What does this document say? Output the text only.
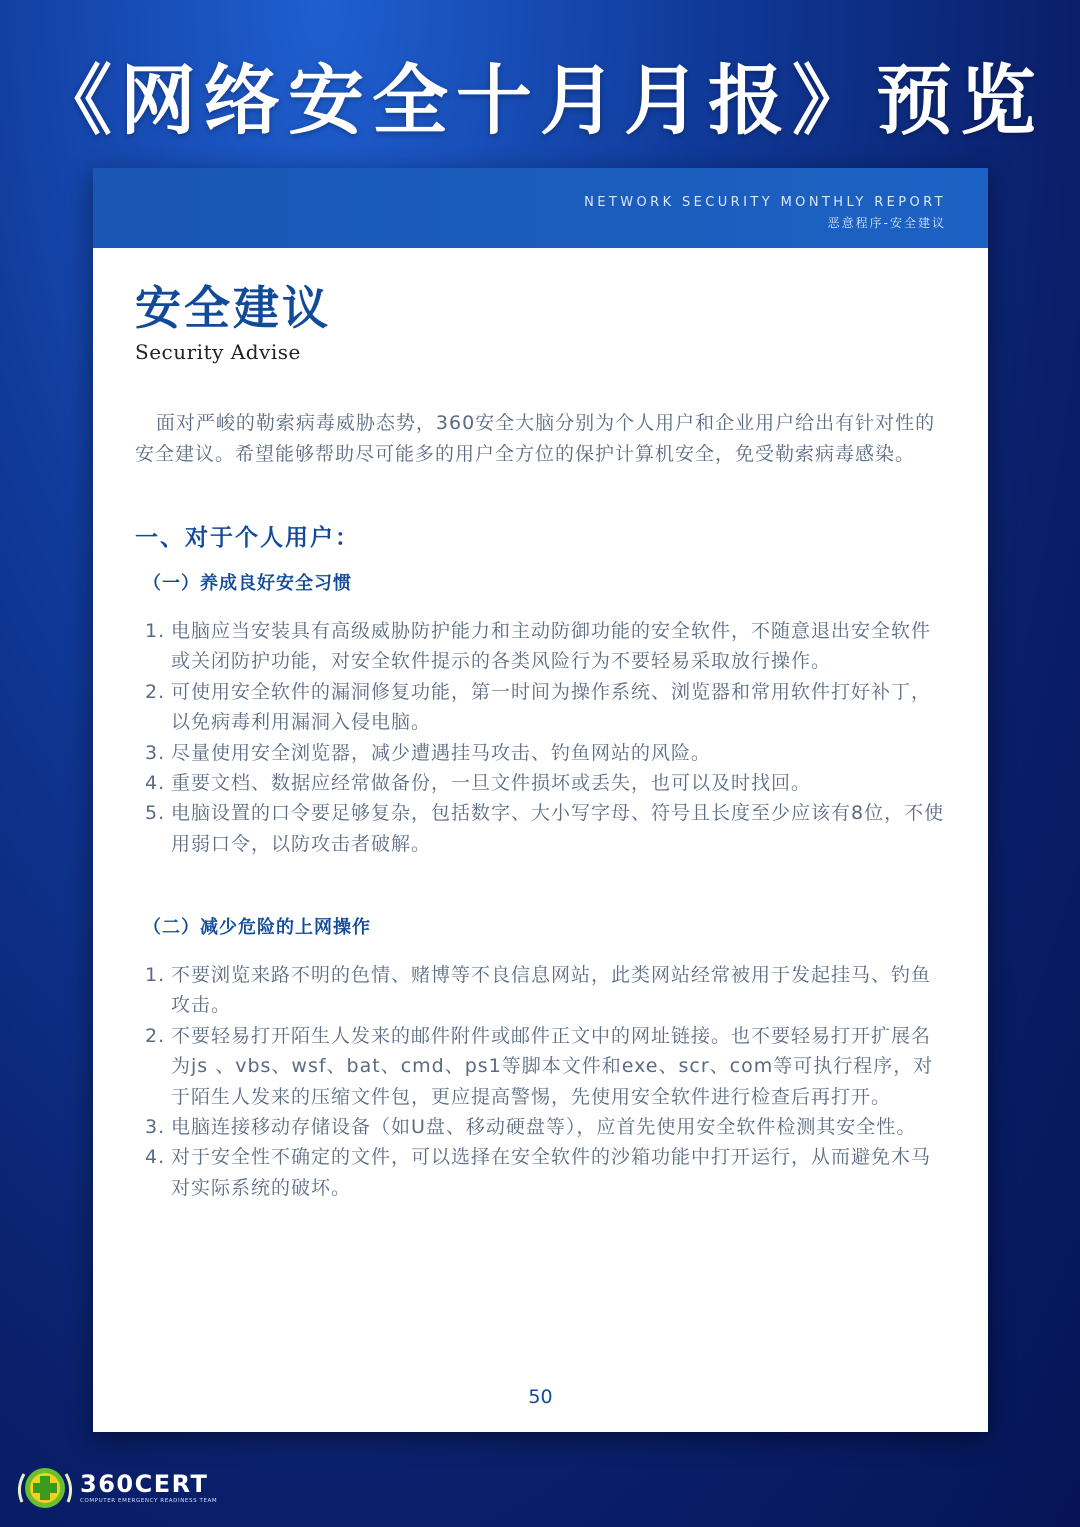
《网络安全十月月报》预览
NETWORK SECURITY MONTHLY REPORT
恶意程序-安全建议
安全建议
Security Advise

面对严峻的勒索病毒威胁态势，360安全大脑分别为个人用户和企业用户给出有针对性的安全建议。希望能够帮助尽可能多的用户全方位的保护计算机安全，免受勒索病毒感染。

一、对于个人用户：
（一）养成良好安全习惯
1. 电脑应当安装具有高级威胁防护能力和主动防御功能的安全软件，不随意退出安全软件或关闭防护功能，对安全软件提示的各类风险行为不要轻易采取放行操作。
2. 可使用安全软件的漏洞修复功能，第一时间为操作系统、浏览器和常用软件打好补丁，以免病毒利用漏洞入侵电脑。
3. 尽量使用安全浏览器，减少遭遇挂马攻击、钓鱼网站的风险。
4. 重要文档、数据应经常做备份，一旦文件损坏或丢失，也可以及时找回。
5. 电脑设置的口令要足够复杂，包括数字、大小写字母、符号且长度至少应该有8位，不使用弱口令，以防攻击者破解。
（二）减少危险的上网操作
1. 不要浏览来路不明的色情、赌博等不良信息网站，此类网站经常被用于发起挂马、钓鱼攻击。
2. 不要轻易打开陌生人发来的邮件附件或邮件正文中的网址链接。也不要轻易打开扩展名为js 、vbs、wsf、bat、cmd、ps1等脚本文件和exe、scr、com等可执行程序，对于陌生人发来的压缩文件包，更应提高警惕，先使用安全软件进行检查后再打开。
3. 电脑连接移动存储设备（如U盘、移动硬盘等），应首先使用安全软件检测其安全性。
4. 对于安全性不确定的文件，可以选择在安全软件的沙箱功能中打开运行，从而避免木马对实际系统的破坏。
50
360CERT
COMPUTER EMERGENCY READINESS TEAM
